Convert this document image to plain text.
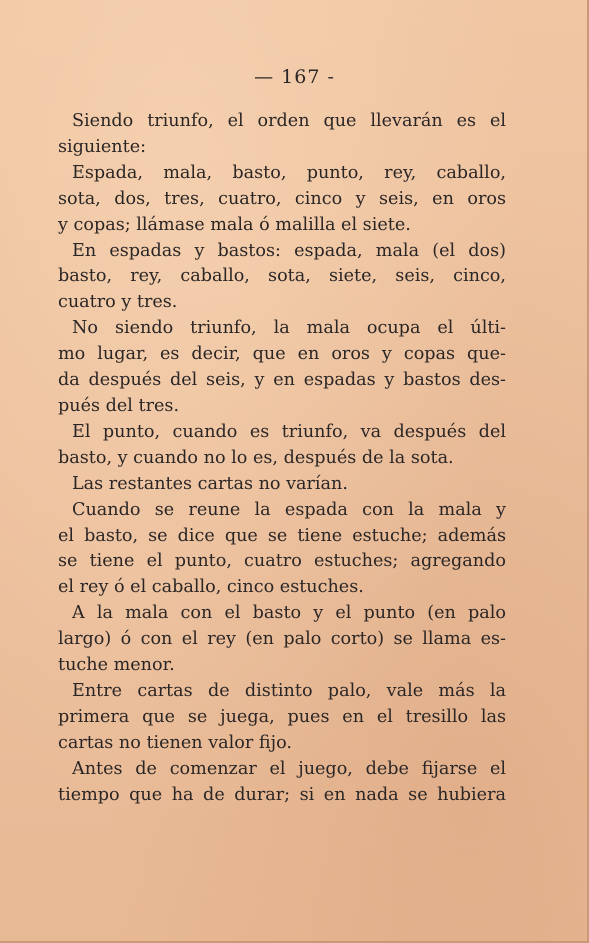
— 167 -
Siendo triunfo, el orden que llevarán es el
siguiente:
Espada, mala, basto, punto, rey, caballo,
sota, dos, tres, cuatro, cinco y seis, en oros
y copas; llámase mala ó malilla el siete.
En espadas y bastos: espada, mala (el dos)
basto, rey, caballo, sota, siete, seis, cinco,
cuatro y tres.
No siendo triunfo, la mala ocupa el últi-
mo lugar, es decir, que en oros y copas que-
da después del seis, y en espadas y bastos des-
pués del tres.
El punto, cuando es triunfo, va después del
basto, y cuando no lo es, después de la sota.
Las restantes cartas no varían.
Cuando se reune la espada con la mala y
el basto, se dice que se tiene estuche; además
se tiene el punto, cuatro estuches; agregando
el rey ó el caballo, cinco estuches.
A la mala con el basto y el punto (en palo
largo) ó con el rey (en palo corto) se llama es-
tuche menor.
Entre cartas de distinto palo, vale más la
primera que se juega, pues en el tresillo las
cartas no tienen valor fijo.
Antes de comenzar el juego, debe fijarse el
tiempo que ha de durar; si en nada se hubiera
